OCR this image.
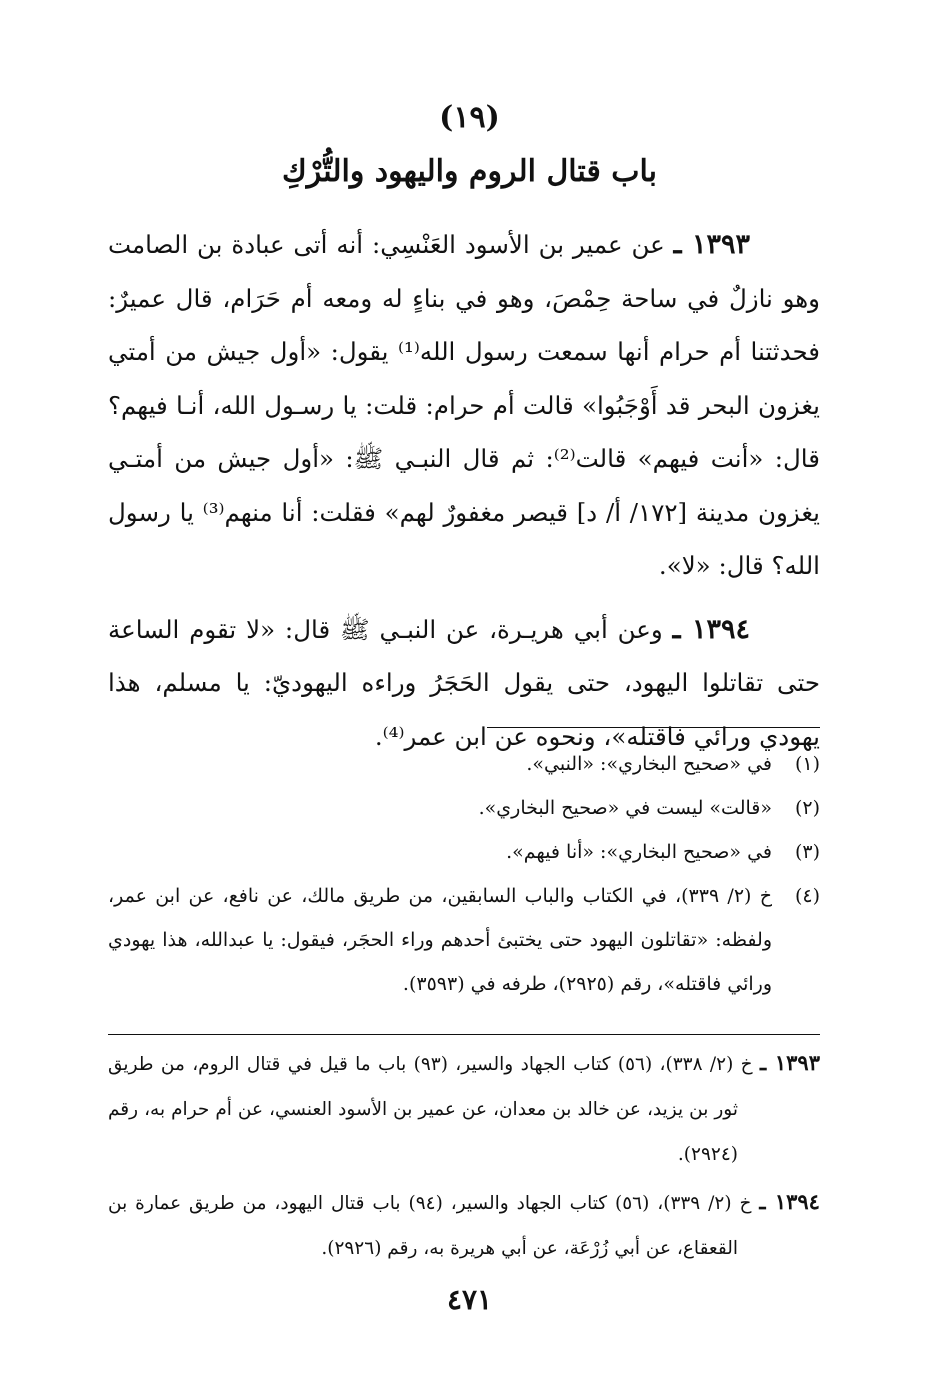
(١٩)
باب قتال الروم واليهود والتُّرْكِ

١٣٩٣ ـ عن عمير بن الأسود العَنْسِي: أنه أتى عبادة بن الصامت وهو نازلٌ في ساحة حِمْصَ، وهو في بناءٍ له ومعه أم حَرَام، قال عميرٌ: فحدثتنا أم حرام أنها سمعت رسول الله⁽¹⁾ يقول: «أول جيش من أمتي يغزون البحر قد أَوْجَبُوا» قالت أم حرام: قلت: يا رسـول الله، أنـا فيهم؟ قال: «أنت فيهم» قالت⁽²⁾: ثم قال النبـي ﷺ: «أول جيش من أمتـي يغزون مدينة [١٧٢/ أ/ د] قيصر مغفورٌ لهم» فقلت: أنا منهم⁽³⁾ يا رسول الله؟ قال: «لا».

١٣٩٤ ـ وعن أبي هريـرة، عن النبـي ﷺ قال: «لا تقوم الساعة حتى تقاتلوا اليهود، حتى يقول الحَجَرُ وراءه اليهوديّ: يا مسلم، هذا يهودي ورائي فاقتله»، ونحوه عن ابن عمر⁽⁴⁾.

(١)
في «صحيح البخاري»: «النبي».
(٢)
«قالت» ليست في «صحيح البخاري».
(٣)
في «صحيح البخاري»: «أنا فيهم».
(٤)
خ (٢/ ٣٣٩)، في الكتاب والباب السابقين، من طريق مالك، عن نافع، عن ابن عمر، ولفظه: «تقاتلون اليهود حتى يختبئ أحدهم وراء الحجَر، فيقول: يا عبدالله، هذا يهودي ورائي فاقتله»، رقم (٢٩٢٥)، طرفه في (٣٥٩٣).
١٣٩٣ ـ خ (٢/ ٣٣٨)، (٥٦) كتاب الجهاد والسير، (٩٣) باب ما قيل في قتال الروم، من طريق ثور بن يزيد، عن خالد بن معدان، عن عمير بن الأسود العنسي، عن أم حرام به، رقم (٢٩٢٤).
١٣٩٤ ـ خ (٢/ ٣٣٩)، (٥٦) كتاب الجهاد والسير، (٩٤) باب قتال اليهود، من طريق عمارة بن القعقاع، عن أبي زُرْعَة، عن أبي هريرة به، رقم (٢٩٢٦).
٤٧١
